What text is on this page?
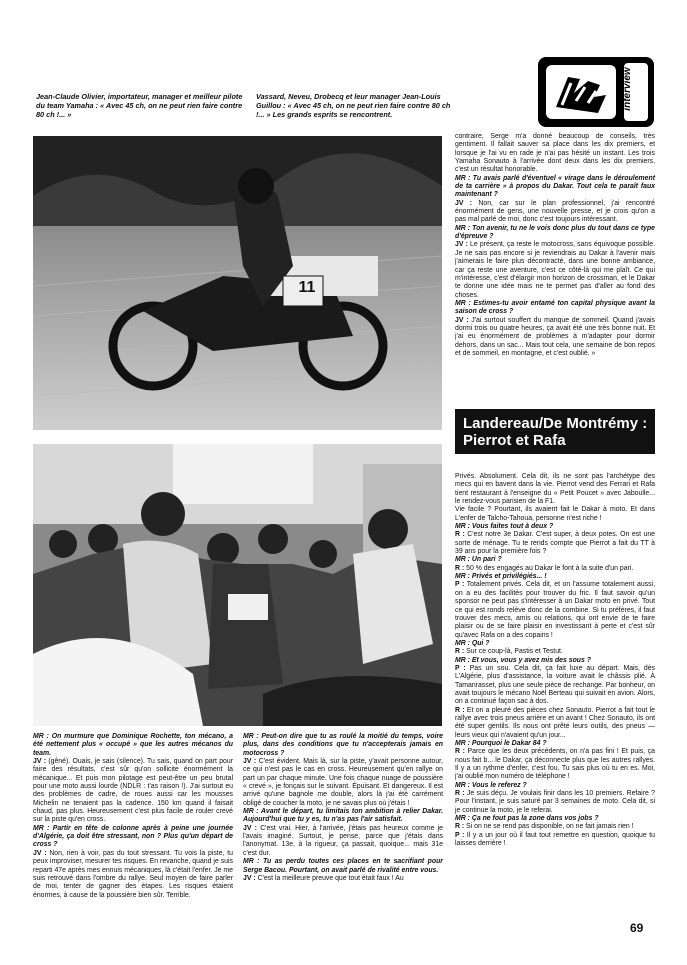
Jean-Claude Olivier, importateur, manager et meilleur pilote du team Yamaha : « Avec 45 ch, on ne peut rien faire contre 80 ch !... »
Vassard, Neveu, Drobecq et leur manager Jean-Louis Guillou : « Avec 45 ch, on ne peut rien faire contre 80 ch !... » Les grands esprits se rencontrent.
interview
11

contraire, Serge m'a donné beaucoup de conseils, très gentiment. Il fallait sauver sa place dans les dix premiers, et lorsque je l'ai vu en rade je n'ai pas hésité un instant. Les trois Yamaha Sonauto à l'arrivée dont deux dans les dix premiers, c'est un résultat honorable.

MR : Tu avais parlé d'éventuel « virage dans le déroulement de ta carrière » à propos du Dakar. Tout cela te paraît faux maintenant ?

JV : Non, car sur le plan professionnel, j'ai rencontré énormément de gens, une nouvelle presse, et je crois qu'on a pas mal parlé de moi, donc c'est toujours intéressant.

MR : Ton avenir, tu ne le vois donc plus du tout dans ce type d'épreuve ?

JV : Le présent, ça reste le motocross, sans équivoque possible. Je ne sais pas encore si je reviendrais au Dakar à l'avenir mais j'aimerais le faire plus décontracté, dans une bonne ambiance, car ça reste une aventure, c'est ce côté-là qui me plaît. Ce qui m'intéresse, c'est d'élargir mon horizon de crossman, et le Dakar te donne une idée mais ne te permet pas d'aller au fond des choses.

MR : Estimes-tu avoir entamé ton capital physique avant la saison de cross ?

JV : J'ai surtout souffert du manque de sommeil. Quand j'avais dormi trois ou quatre heures, ça avait été une très bonne nuit. Et j'ai eu énormément de problèmes à m'adapter pour dormir dehors, dans un sac... Mais tout cela, une semaine de bon repos et de sommeil, en montagne, et c'est oublié. »

Landereau/De Montrémy : Pierrot et Rafa

Privés. Absolument. Cela dit, ils ne sont pas l'archétype des mecs qui en bavent dans la vie. Pierrot vend des Ferrari et Rafa tient restaurant à l'enseigne du « Petit Poucet » avec Jaboulle... le rendez-vous parisien de la F1.

Vie facile ? Pourtant, ils avaient fait le Dakar à moto. Et dans L'enfer de Talcho-Tahoua, personne n'est riche !

MR : Vous faites tout à deux ?

R : C'est notre 3e Dakar. C'est super, à deux potes. On est une sorte de ménage. Tu te rends compte que Pierrot a fait du TT à 39 ans pour la première fois ?

MR : Un pari ?

R : 50 % des engagés au Dakar le font à la suite d'un pari.

MR : Privés et privilégiés... !

P : Totalement privés. Cela dit, et on l'assume totalement aussi, on a eu des facilités pour trouver du fric. Il faut savoir qu'un sponsor ne peut pas s'intéresser à un Dakar moto en privé. Tout ce qui est ronds relève donc de la combine. Si tu préfères, il faut trouver des mecs, amis ou relations, qui ont envie de te faire plaisir ou de se faire plaisir en investissant à perte et c'est sûr qu'avec Rafa on a des copains !

MR : Qui ?

R : Sur ce coup-là, Pastis et Testut.

MR : Et vous, vous y avez mis des sous ?

P : Pas un sou. Cela dit, ça fait luxe au départ. Mais, dès L'Algérie, plus d'assistance, la voiture avait le châssis plié. À Tamanrasset, plus une seule pièce de rechange. Par bonheur, on avait toujours le mécano Noël Berteau qui suivait en avion. Alors, on a continué façon sac à dos.

R : Et on a pleuré des pièces chez Sonauto. Pierrot a fait tout le rallye avec trois pneus arrière et un avant ! Chez Sonauto, ils ont été super gentils. Ils nous ont prêté leurs outils, des pneus — leurs vieux qui n'avaient qu'un jour...

MR : Pourquoi le Dakar 84 ?

R : Parce que les deux précédents, on n'a pas fini ! Et puis, ça nous fait b... le Dakar, ça déconnecte plus que les autres rallyes. Il y a un rythme d'enfer, c'est fou. Tu sais plus où tu en es. Moi, j'ai oublié mon numéro de téléphone !

MR : Vous le referez ?

R : Je suis déçu. Je voulais finir dans les 10 premiers. Refaire ? Pour l'instant, je suis saturé par 3 semaines de moto. Cela dit, si je continue la moto, je le referai.

MR : Ça ne fout pas la zone dans vos jobs ?

R : Si on ne se rend pas disponible, on ne fait jamais rien !

P : Il y a un jour où il faut tout remettre en question, quoique tu laisses derrière !

MR : On murmure que Dominique Rochette, ton mécano, a été nettement plus « occupé » que les autres mécanos du team.

JV : (gêné). Ouais, je sais (silence). Tu sais, quand on part pour faire des résultats, c'est sûr qu'on sollicite énormément la mécanique... Et puis mon pilotage est peut-être un peu brutal pour une moto aussi lourde (NDLR : t'as raison !). J'ai surtout eu des problèmes de cadre, de roues aussi car les mousses Michelin ne tenaient pas la cadence. 150 km quand il faisait chaud, pas plus. Heureusement c'est plus facile de rouler crevé sur la piste qu'en cross.

MR : Partir en tête de colonne après à peine une journée d'Algérie, ça doit être stressant, non ? Plus qu'un départ de cross ?

JV : Non, rien à voir, pas du tout stressant. Tu vois la piste, tu peux improviser, mesurer tes risques. En revanche, quand je suis reparti 47e après mes ennuis mécaniques, là c'était l'enfer. Je me suis retrouvé dans l'ombre du rallye. Seul moyen de faire parler de moi, tenter de gagner des étapes. Les risques étaient énormes, à cause de la poussière bien sûr. Terrible.

MR : Peut-on dire que tu as roulé la moitié du temps, voire plus, dans des conditions que tu n'accepterais jamais en motocross ?

JV : C'est évident. Mais là, sur la piste, y'avait personne autour, ce qui n'est pas le cas en cross. Heureusement qu'en rallye on part un par chaque minute. Une fois chaque nuage de poussière « crevé », je fonçais sur le suivant. Épuisant. Et dangereux. Il est arrivé qu'une bagnole me double, alors là j'ai été carrément obligé de coucher la moto, je ne savais plus où j'étais !

MR : Avant le départ, tu limitais ton ambition à relier Dakar. Aujourd'hui que tu y es, tu n'as pas l'air satisfait.

JV : C'est vrai. Hier, à l'arrivée, j'étais pas heureux comme je l'avais imaginé. Surtout, je pense, parce que j'étais dans l'anonymat. 13e, à la rigueur, ça passait, quoique... mais 31e c'est dur.

MR : Tu as perdu toutes ces places en te sacrifiant pour Serge Bacou. Pourtant, on avait parlé de rivalité entre vous.

JV : C'est la meilleure preuve que tout était faux ! Au

69
